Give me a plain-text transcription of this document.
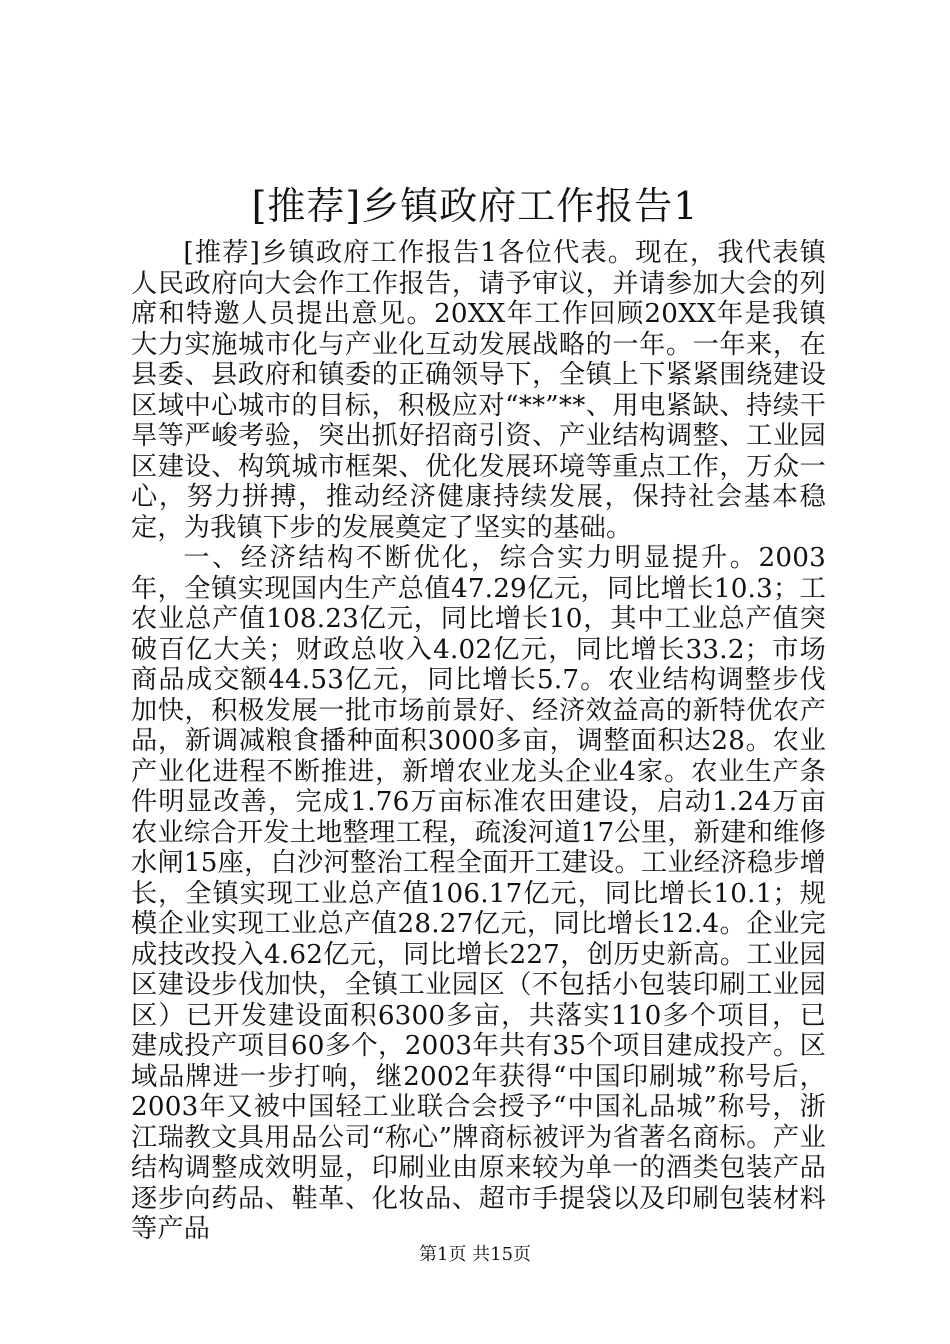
[推荐]乡镇政府工作报告1

[推荐]乡镇政府工作报告1各位代表。现在，我代表镇人民政府向大会作工作报告，请予审议，并请参加大会的列席和特邀人员提出意见。20XX年工作回顾20XX年是我镇大力实施城市化与产业化互动发展战略的一年。一年来，在县委、县政府和镇委的正确领导下，全镇上下紧紧围绕建设区域中心城市的目标，积极应对“**”**、用电紧缺、持续干旱等严峻考验，突出抓好招商引资、产业结构调整、工业园区建设、构筑城市框架、优化发展环境等重点工作，万众一心，努力拼搏，推动经济健康持续发展，保持社会基本稳定，为我镇下步的发展奠定了坚实的基础。

一、经济结构不断优化，综合实力明显提升。2003年，全镇实现国内生产总值47.29亿元，同比增长10.3；工农业总产值108.23亿元，同比增长10，其中工业总产值突破百亿大关；财政总收入4.02亿元，同比增长33.2；市场商品成交额44.53亿元，同比增长5.7。农业结构调整步伐加快，积极发展一批市场前景好、经济效益高的新特优农产品，新调减粮食播种面积3000多亩，调整面积达28。农业产业化进程不断推进，新增农业龙头企业4家。农业生产条件明显改善，完成1.76万亩标准农田建设，启动1.24万亩农业综合开发土地整理工程，疏浚河道17公里，新建和维修水闸15座，白沙河整治工程全面开工建设。工业经济稳步增长，全镇实现工业总产值106.17亿元，同比增长10.1；规模企业实现工业总产值28.27亿元，同比增长12.4。企业完成技改投入4.62亿元，同比增长227，创历史新高。工业园区建设步伐加快，全镇工业园区（不包括小包装印刷工业园区）已开发建设面积6300多亩，共落实110多个项目，已建成投产项目60多个，2003年共有35个项目建成投产。区域品牌进一步打响，继2002年获得“中国印刷城”称号后，2003年又被中国轻工业联合会授予“中国礼品城”称号，浙江瑞教文具用品公司“称心”牌商标被评为省著名商标。产业结构调整成效明显，印刷业由原来较为单一的酒类包装产品逐步向药品、鞋革、化妆品、超市手提袋以及印刷包装材料等产品

第1页 共15页
